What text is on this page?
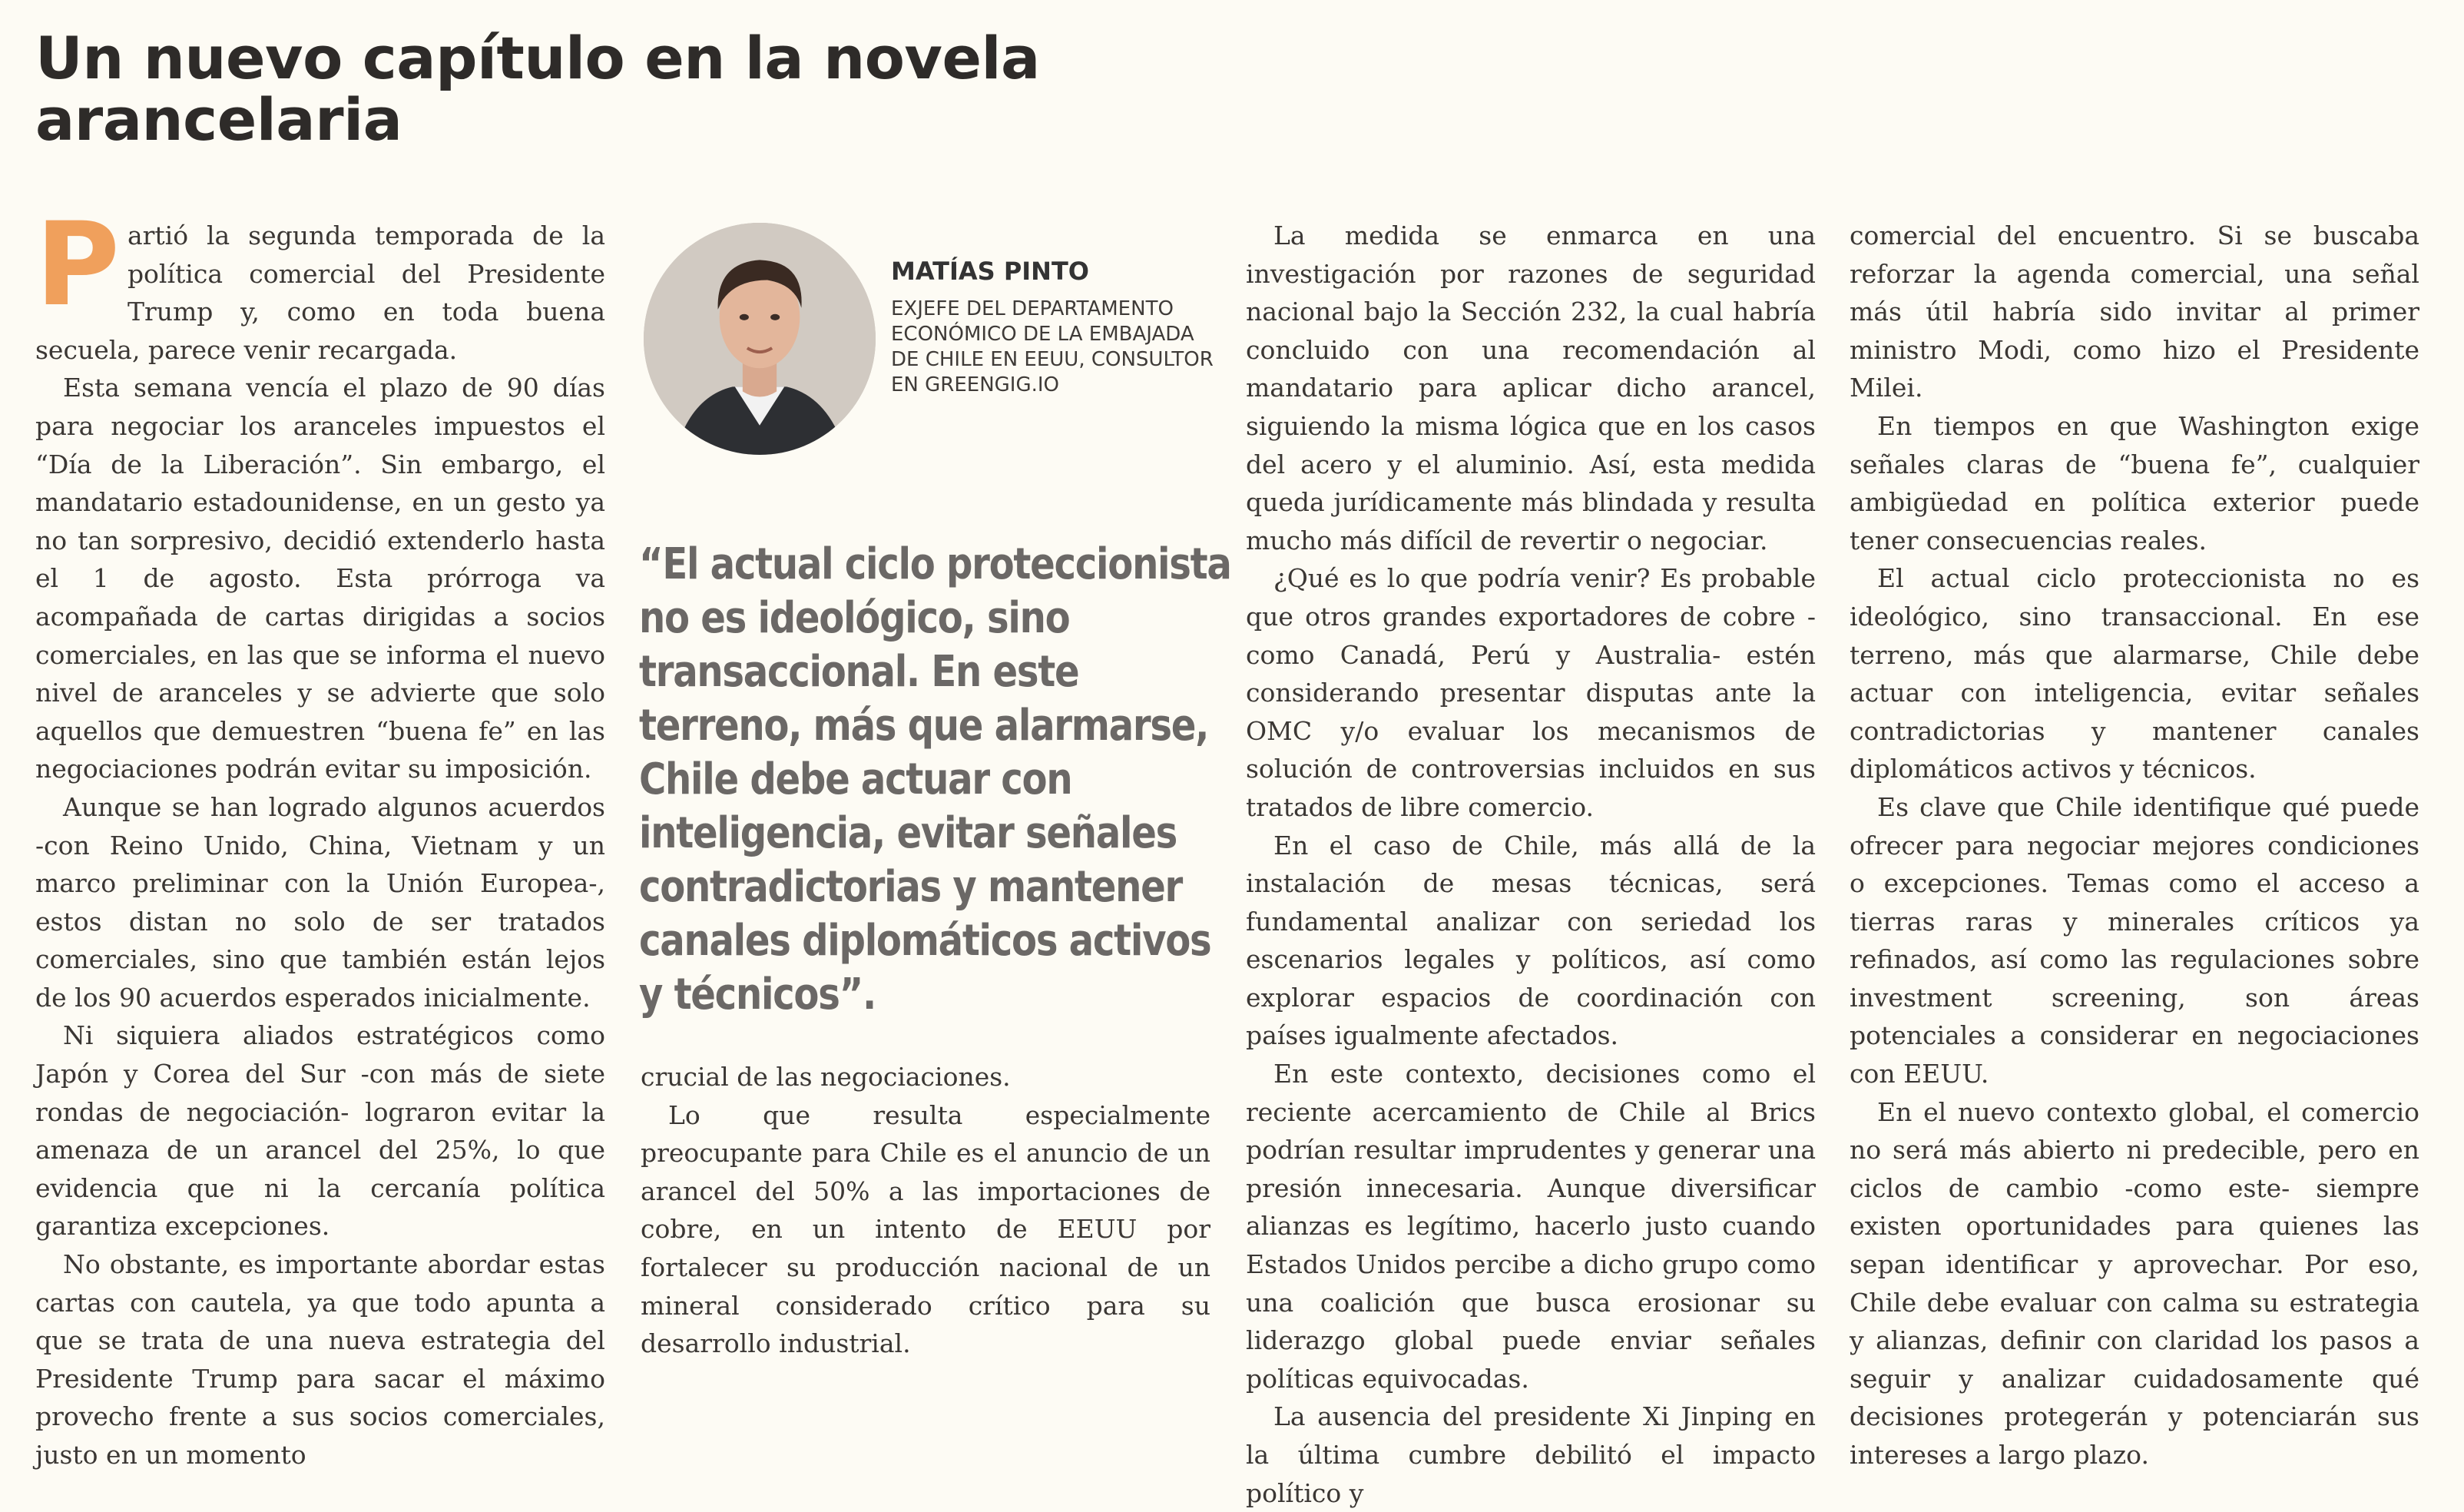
Un nuevo capítulo en la novela arancelaria

Partió la segunda temporada de la política comercial del Presidente Trump y, como en toda buena secuela, parece venir recargada.

Esta semana vencía el plazo de 90 días para negociar los aranceles impuestos el “Día de la Liberación”. Sin embargo, el mandatario estadounidense, en un gesto ya no tan sorpresivo, decidió extenderlo hasta el 1 de agosto. Esta prórroga va acompañada de cartas dirigidas a socios comerciales, en las que se informa el nuevo nivel de aranceles y se advierte que solo aquellos que demuestren “buena fe” en las negociaciones podrán evitar su imposición.

Aunque se han logrado algunos acuerdos -con Reino Unido, China, Vietnam y un marco preliminar con la Unión Europea-, estos distan no solo de ser tratados comerciales, sino que también están lejos de los 90 acuerdos esperados inicialmente.

Ni siquiera aliados estratégicos como Japón y Corea del Sur -con más de siete rondas de negociación- lograron evitar la amenaza de un arancel del 25%, lo que evidencia que ni la cercanía política garantiza excepciones.

No obstante, es importante abordar estas cartas con cautela, ya que todo apunta a que se trata de una nueva estrategia del Presidente Trump para sacar el máximo provecho frente a sus socios comerciales, justo en un momento

MATÍAS PINTO
EXJEFE DEL DEPARTAMENTO ECONÓMICO DE LA EMBAJADA DE CHILE EN EEUU, CONSULTOR EN GREENGIG.IO
“El actual ciclo proteccionista
no es ideológico, sino
transaccional. En este
terreno, más que alarmarse,
Chile debe actuar con
inteligencia, evitar señales
contradictorias y mantener
canales diplomáticos activos
y técnicos”.

crucial de las negociaciones.

Lo que resulta especialmente preocupante para Chile es el anuncio de un arancel del 50% a las importaciones de cobre, en un intento de EEUU por fortalecer su producción nacional de un mineral considerado crítico para su desarrollo industrial.

La medida se enmarca en una investigación por razones de seguridad nacional bajo la Sección 232, la cual habría concluido con una recomendación al mandatario para aplicar dicho arancel, siguiendo la misma lógica que en los casos del acero y el aluminio. Así, esta medida queda jurídicamente más blindada y resulta mucho más difícil de revertir o negociar.

¿Qué es lo que podría venir? Es probable que otros grandes exportadores de cobre -como Canadá, Perú y Australia- estén considerando presentar disputas ante la OMC y/o evaluar los mecanismos de solución de controversias incluidos en sus tratados de libre comercio.

En el caso de Chile, más allá de la instalación de mesas técnicas, será fundamental analizar con seriedad los escenarios legales y políticos, así como explorar espacios de coordinación con países igualmente afectados.

En este contexto, decisiones como el reciente acercamiento de Chile al Brics podrían resultar imprudentes y generar una presión innecesaria. Aunque diversificar alianzas es legítimo, hacerlo justo cuando Estados Unidos percibe a dicho grupo como una coalición que busca erosionar su liderazgo global puede enviar señales políticas equivocadas.

La ausencia del presidente Xi Jinping en la última cumbre debilitó el impacto político y

comercial del encuentro. Si se buscaba reforzar la agenda comercial, una señal más útil habría sido invitar al primer ministro Modi, como hizo el Presidente Milei.

En tiempos en que Washington exige señales claras de “buena fe”, cualquier ambigüedad en política exterior puede tener consecuencias reales.

El actual ciclo proteccionista no es ideológico, sino transaccional. En ese terreno, más que alarmarse, Chile debe actuar con inteligencia, evitar señales contradictorias y mantener canales diplomáticos activos y técnicos.

Es clave que Chile identifique qué puede ofrecer para negociar mejores condiciones o excepciones. Temas como el acceso a tierras raras y minerales críticos ya refinados, así como las regulaciones sobre investment screening, son áreas potenciales a considerar en negociaciones con EEUU.

En el nuevo contexto global, el comercio no será más abierto ni predecible, pero en ciclos de cambio -como este- siempre existen oportunidades para quienes las sepan identificar y aprovechar. Por eso, Chile debe evaluar con calma su estrategia y alianzas, definir con claridad los pasos a seguir y analizar cuidadosamente qué decisiones protegerán y potenciarán sus intereses a largo plazo.
